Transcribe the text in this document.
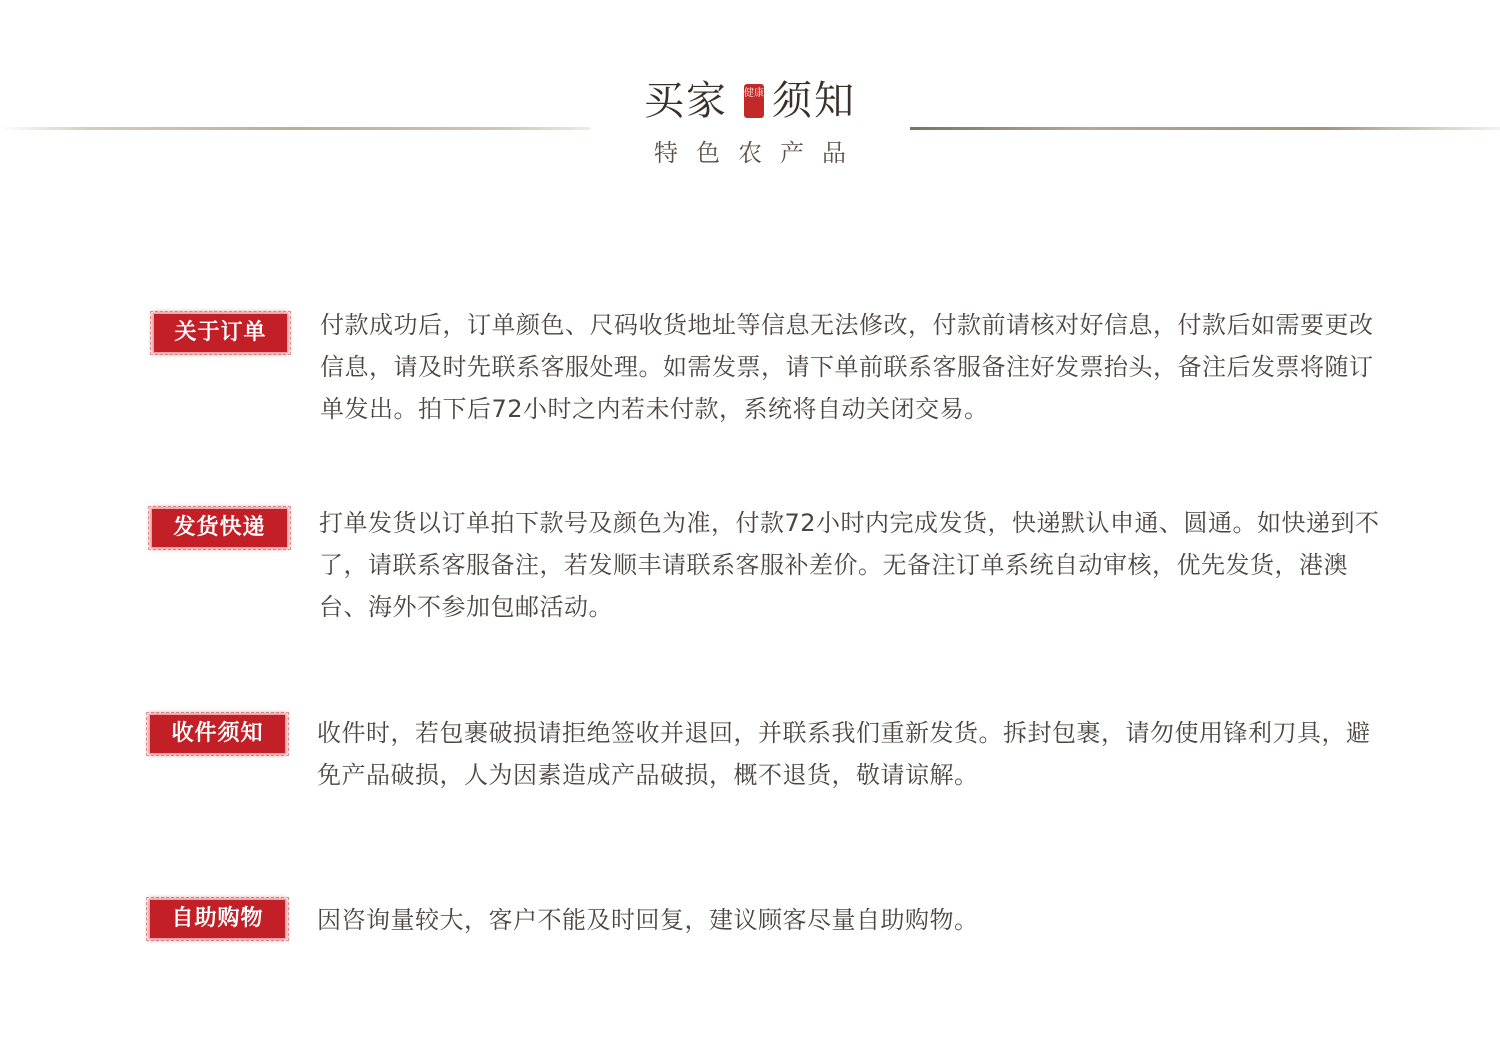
买家 健康 须知
特色农产品
关于订单	付款成功后，订单颜色、尺码收货地址等信息无法修改，付款前请核对好信息，付款后如需要更改信息，请及时先联系客服处理。如需发票，请下单前联系客服备注好发票抬头，备注后发票将随订单发出。拍下后72小时之内若未付款，系统将自动关闭交易。
发货快递	打单发货以订单拍下款号及颜色为准，付款72小时内完成发货，快递默认申通、圆通。如快递到不了，请联系客服备注，若发顺丰请联系客服补差价。无备注订单系统自动审核，优先发货，港澳台、海外不参加包邮活动。
收件须知	收件时，若包裹破损请拒绝签收并退回，并联系我们重新发货。拆封包裹，请勿使用锋利刀具，避免产品破损，人为因素造成产品破损，概不退货，敬请谅解。
自助购物	因咨询量较大，客户不能及时回复，建议顾客尽量自助购物。
